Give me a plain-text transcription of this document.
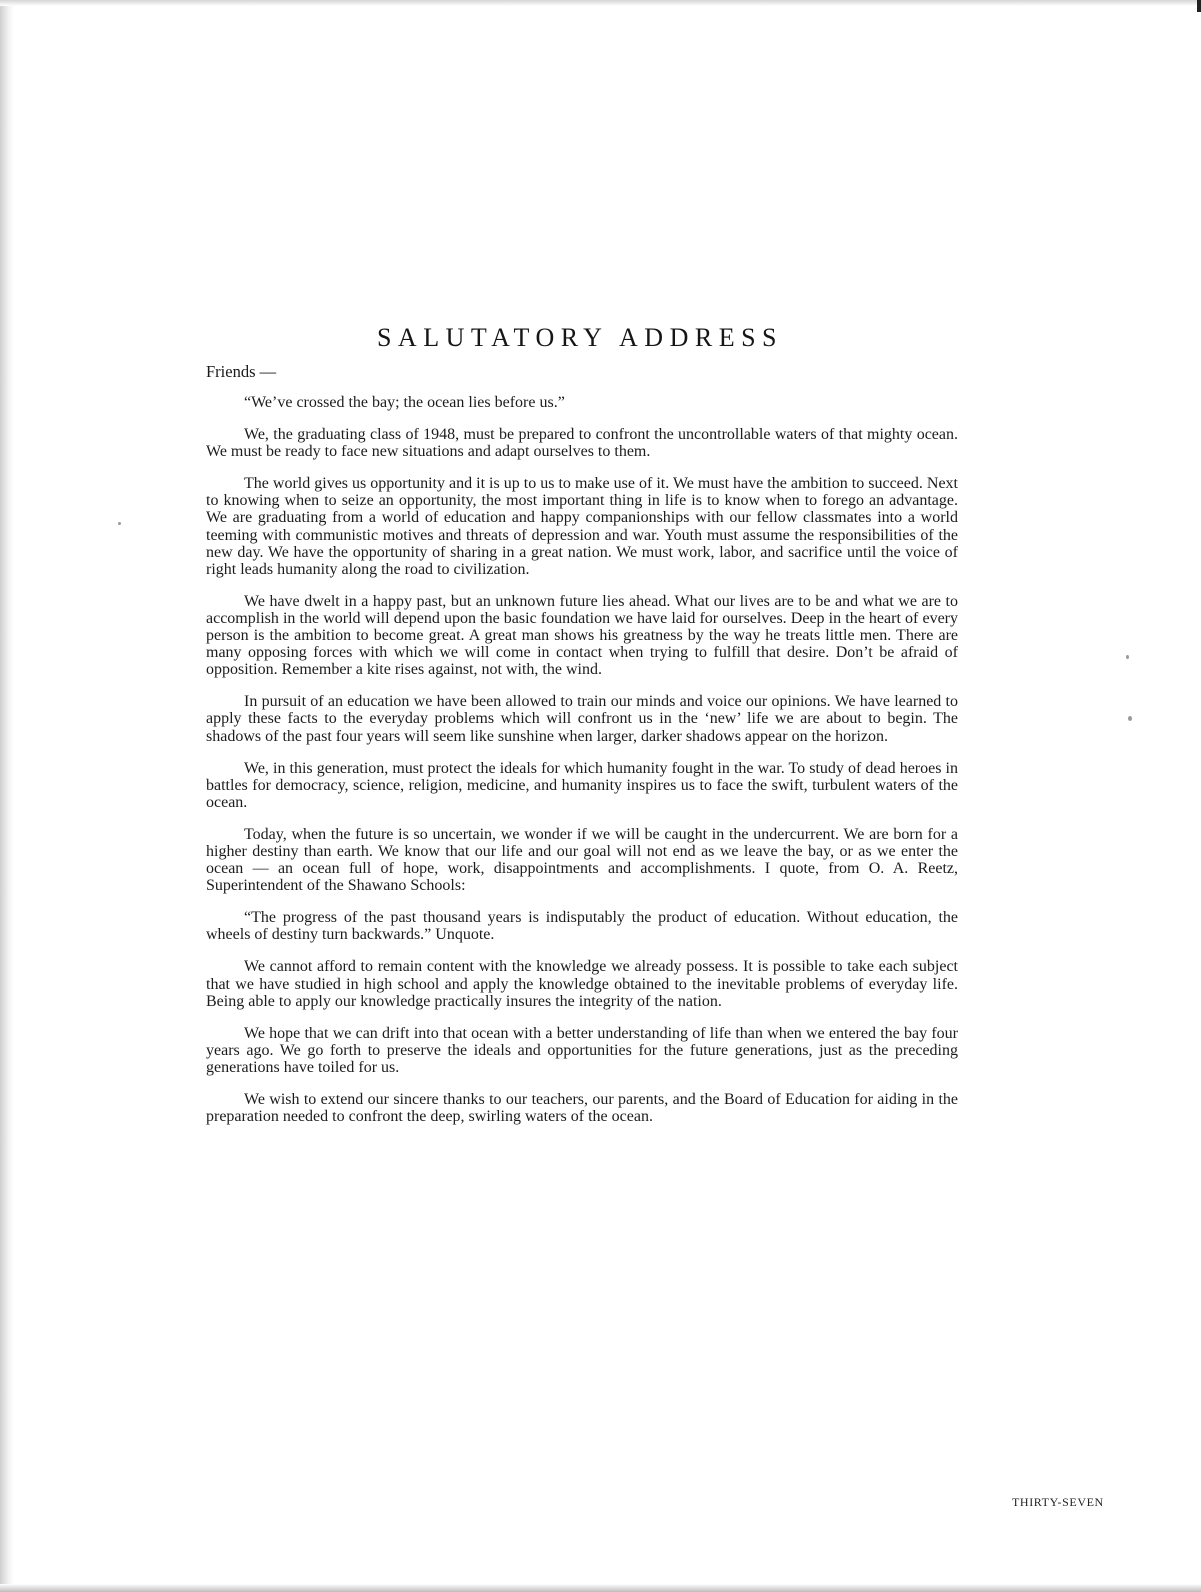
SALUTATORY ADDRESS

Friends —

“We’ve crossed the bay; the ocean lies before us.”

We, the graduating class of 1948, must be prepared to confront the uncontrollable waters of that mighty ocean. We must be ready to face new situations and adapt ourselves to them.

The world gives us opportunity and it is up to us to make use of it. We must have the ambition to succeed. Next to knowing when to seize an opportunity, the most important thing in life is to know when to forego an advantage. We are graduating from a world of education and happy companionships with our fellow classmates into a world teeming with communistic motives and threats of depression and war. Youth must assume the responsibilities of the new day. We have the opportunity of sharing in a great nation. We must work, labor, and sacrifice until the voice of right leads humanity along the road to civilization.

We have dwelt in a happy past, but an unknown future lies ahead. What our lives are to be and what we are to accomplish in the world will depend upon the basic foundation we have laid for ourselves. Deep in the heart of every person is the ambition to become great. A great man shows his greatness by the way he treats little men. There are many opposing forces with which we will come in contact when trying to fulfill that desire. Don’t be afraid of opposition. Remember a kite rises against, not with, the wind.

In pursuit of an education we have been allowed to train our minds and voice our opinions. We have learned to apply these facts to the everyday problems which will confront us in the ‘new’ life we are about to begin. The shadows of the past four years will seem like sunshine when larger, darker shadows appear on the horizon.

We, in this generation, must protect the ideals for which humanity fought in the war. To study of dead heroes in battles for democracy, science, religion, medicine, and humanity inspires us to face the swift, turbulent waters of the ocean.

Today, when the future is so uncertain, we wonder if we will be caught in the undercurrent. We are born for a higher destiny than earth. We know that our life and our goal will not end as we leave the bay, or as we enter the ocean — an ocean full of hope, work, disappointments and accomplishments. I quote, from O. A. Reetz, Superintendent of the Shawano Schools:

“The progress of the past thousand years is indisputably the product of education. Without education, the wheels of destiny turn backwards.” Unquote.

We cannot afford to remain content with the knowledge we already possess. It is possible to take each subject that we have studied in high school and apply the knowledge obtained to the inevitable problems of everyday life. Being able to apply our knowledge practically insures the integrity of the nation.

We hope that we can drift into that ocean with a better understanding of life than when we entered the bay four years ago. We go forth to preserve the ideals and opportunities for the future generations, just as the preceding generations have toiled for us.

We wish to extend our sincere thanks to our teachers, our parents, and the Board of Education for aiding in the preparation needed to confront the deep, swirling waters of the ocean.

THIRTY-SEVEN
